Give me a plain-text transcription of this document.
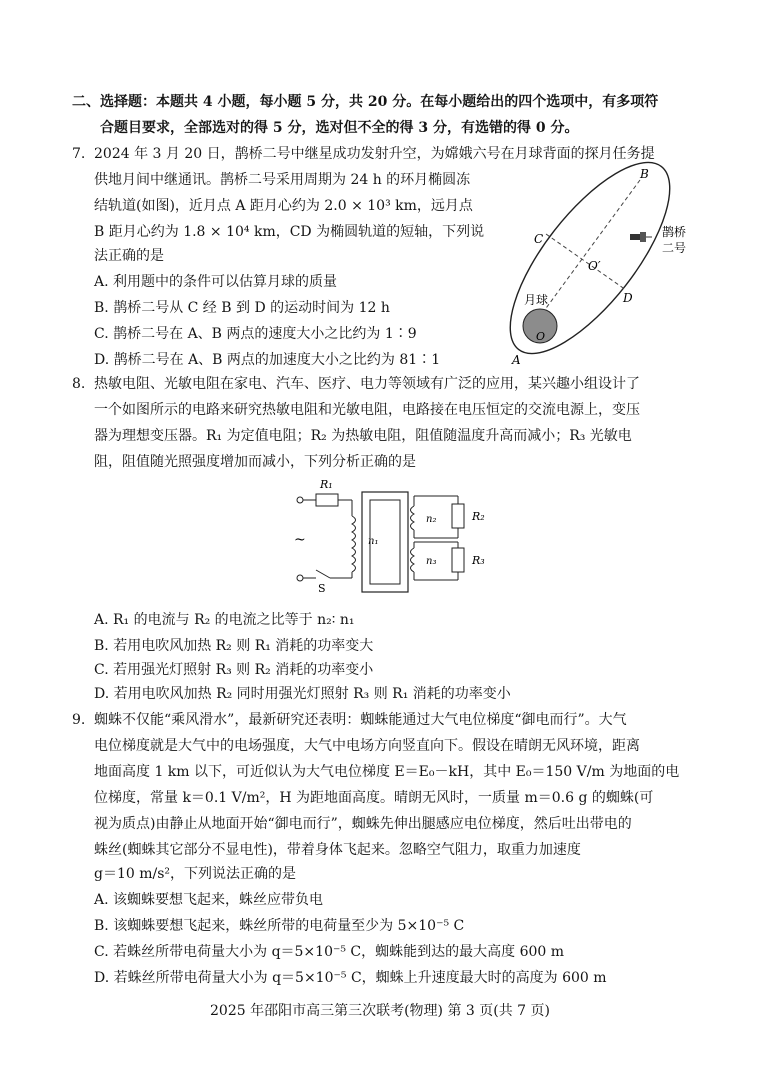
二、选择题：本题共 4 小题，每小题 5 分，共 20 分。在每小题给出的四个选项中，有多项符
合题目要求，全部选对的得 5 分，选对但不全的得 3 分，有选错的得 0 分。
7. 2024 年 3 月 20 日，鹊桥二号中继星成功发射升空，为嫦娥六号在月球背面的探月任务提
供地月间中继通讯。鹊桥二号采用周期为 24 h 的环月椭圆冻
结轨道(如图)，近月点 A 距月心约为 2.0 × 10³ km，远月点
B 距月心约为 1.8 × 10⁴ km，CD 为椭圆轨道的短轴，下列说
法正确的是
A. 利用题中的条件可以估算月球的质量
B. 鹊桥二号从 C 经 B 到 D 的运动时间为 12 h
C. 鹊桥二号在 A、B 两点的速度大小之比约为 1∶9
D. 鹊桥二号在 A、B 两点的加速度大小之比约为 81∶1
B
C
O′
D
月球
O
A
鹊桥
二号
8. 热敏电阻、光敏电阻在家电、汽车、医疗、电力等领域有广泛的应用，某兴趣小组设计了
一个如图所示的电路来研究热敏电阻和光敏电阻，电路接在电压恒定的交流电源上，变压
器为理想变压器。R₁ 为定值电阻；R₂ 为热敏电阻，阻值随温度升高而减小；R₃ 光敏电
阻，阻值随光照强度增加而减小，下列分析正确的是
R₁
~
S
n₁
n₂	R₂
n₃	R₃
A. R₁ 的电流与 R₂ 的电流之比等于 n₂∶ n₁
B. 若用电吹风加热 R₂ 则 R₁ 消耗的功率变大
C. 若用强光灯照射 R₃ 则 R₂ 消耗的功率变小
D. 若用电吹风加热 R₂ 同时用强光灯照射 R₃ 则 R₁ 消耗的功率变小
9. 蜘蛛不仅能“乘风滑水”，最新研究还表明：蜘蛛能通过大气电位梯度“御电而行”。大气
电位梯度就是大气中的电场强度，大气中电场方向竖直向下。假设在晴朗无风环境，距离
地面高度 1 km 以下，可近似认为大气电位梯度 E＝E₀－kH，其中 E₀＝150 V/m 为地面的电
位梯度，常量 k＝0.1 V/m²，H 为距地面高度。晴朗无风时，一质量 m＝0.6 g 的蜘蛛(可
视为质点)由静止从地面开始“御电而行”，蜘蛛先伸出腿感应电位梯度，然后吐出带电的
蛛丝(蜘蛛其它部分不显电性)，带着身体飞起来。忽略空气阻力，取重力加速度
g＝10 m/s²，下列说法正确的是
A. 该蜘蛛要想飞起来，蛛丝应带负电
B. 该蜘蛛要想飞起来，蛛丝所带的电荷量至少为 5×10⁻⁵ C
C. 若蛛丝所带电荷量大小为 q＝5×10⁻⁵ C，蜘蛛能到达的最大高度 600 m
D. 若蛛丝所带电荷量大小为 q＝5×10⁻⁵ C，蜘蛛上升速度最大时的高度为 600 m
2025 年邵阳市高三第三次联考(物理) 第 3 页(共 7 页)
